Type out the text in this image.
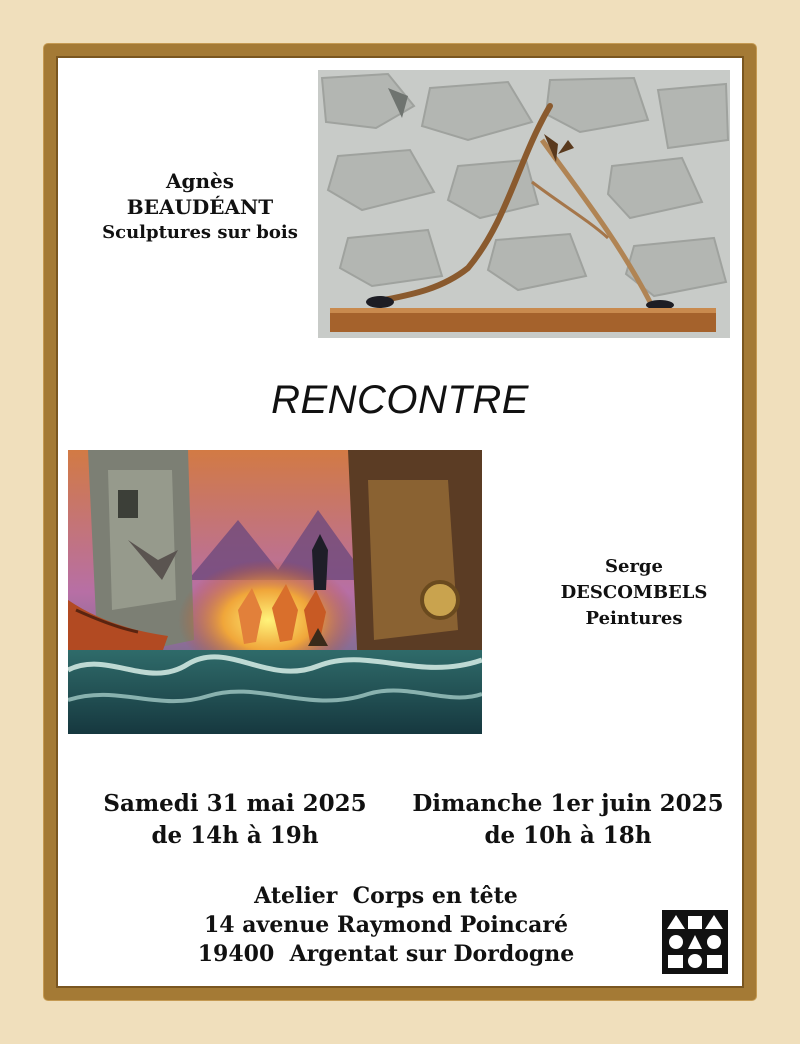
Agnès
BEAUDÉANT
Sculptures sur bois
RENCONTRE
Serge
DESCOMBELS
Peintures
Samedi 31 mai 2025
de 14h à 19h
Dimanche 1er juin 2025
de 10h à 18h
Atelier  Corps en tête
14 avenue Raymond Poincaré
19400  Argentat sur Dordogne
